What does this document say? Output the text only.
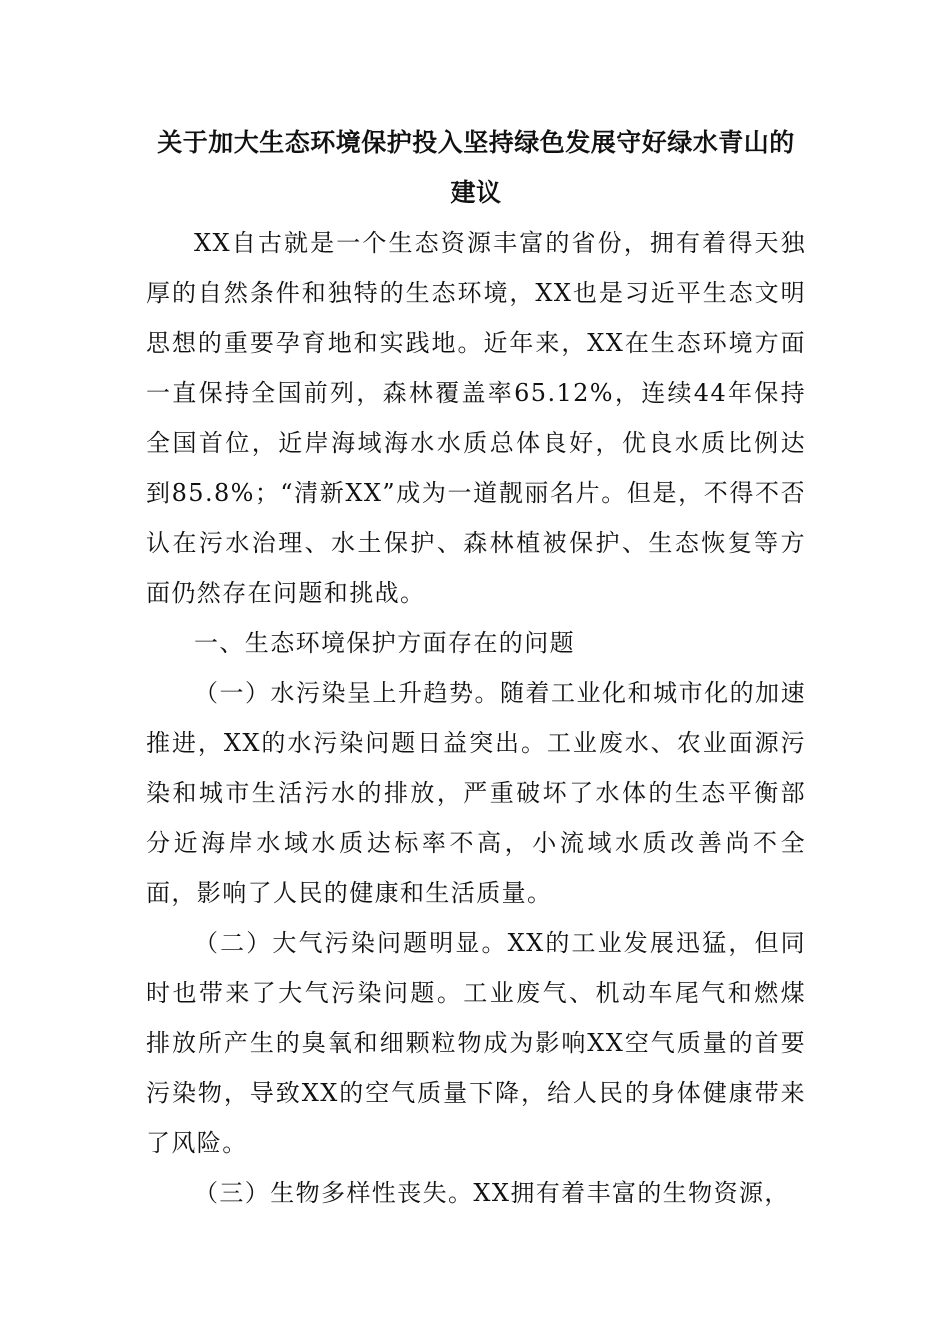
关于加大生态环境保护投入坚持绿色发展守好绿水青山的建议

XX自古就是一个生态资源丰富的省份，拥有着得天独厚的自然条件和独特的生态环境，XX也是习近平生态文明思想的重要孕育地和实践地。近年来，XX在生态环境方面一直保持全国前列，森林覆盖率65.12%，连续44年保持全国首位，近岸海域海水水质总体良好，优良水质比例达到85.8%；“清新XX”成为一道靓丽名片。但是，不得不否认在污水治理、水土保护、森林植被保护、生态恢复等方面仍然存在问题和挑战。

一、生态环境保护方面存在的问题

（一）水污染呈上升趋势。随着工业化和城市化的加速推进，XX的水污染问题日益突出。工业废水、农业面源污染和城市生活污水的排放，严重破坏了水体的生态平衡部分近海岸水域水质达标率不高，小流域水质改善尚不全面，影响了人民的健康和生活质量。

（二）大气污染问题明显。XX的工业发展迅猛，但同时也带来了大气污染问题。工业废气、机动车尾气和燃煤排放所产生的臭氧和细颗粒物成为影响XX空气质量的首要污染物，导致XX的空气质量下降，给人民的身体健康带来了风险。

（三）生物多样性丧失。XX拥有着丰富的生物资源，
